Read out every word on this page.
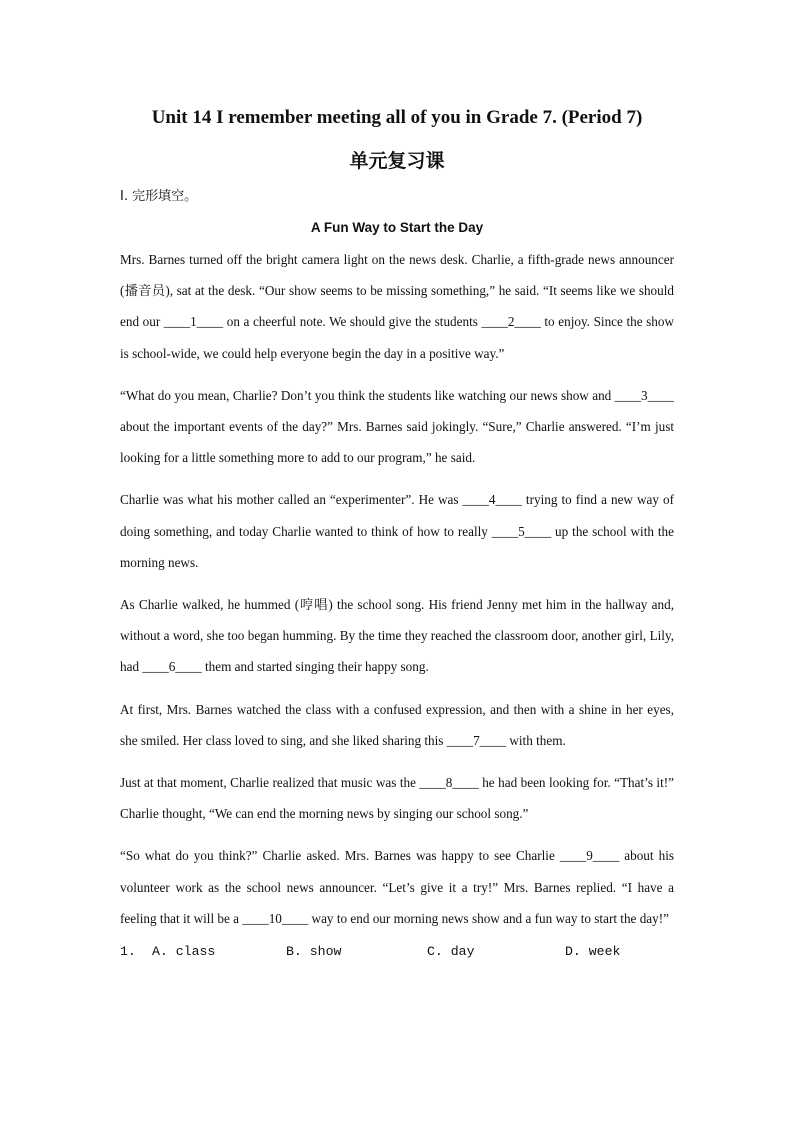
Unit 14 I remember meeting all of you in Grade 7. (Period 7)
单元复习课
Ⅰ. 完形填空。
A Fun Way to Start the Day

Mrs. Barnes turned off the bright camera light on the news desk. Charlie, a fifth-grade news announcer (播音员), sat at the desk. “Our show seems to be missing something,” he said. “It seems like we should end our ____1____ on a cheerful note. We should give the students ____2____ to enjoy. Since the show is school-wide, we could help everyone begin the day in a positive way.”

“What do you mean, Charlie? Don’t you think the students like watching our news show and ____3____ about the important events of the day?” Mrs. Barnes said jokingly. “Sure,” Charlie answered. “I’m just looking for a little something more to add to our program,” he said.

Charlie was what his mother called an “experimenter”. He was ____4____ trying to find a new way of doing something, and today Charlie wanted to think of how to really ____5____ up the school with the morning news.

As Charlie walked, he hummed (哼唱) the school song. His friend Jenny met him in the hallway and, without a word, she too began humming. By the time they reached the classroom door, another girl, Lily, had ____6____ them and started singing their happy song.

At first, Mrs. Barnes watched the class with a confused expression, and then with a shine in her eyes, she smiled. Her class loved to sing, and she liked sharing this ____7____ with them.

Just at that moment, Charlie realized that music was the ____8____ he had been looking for. “That’s it!” Charlie thought, “We can end the morning news by singing our school song.”

“So what do you think?” Charlie asked. Mrs. Barnes was happy to see Charlie ____9____ about his volunteer work as the school news announcer. “Let’s give it a try!” Mrs. Barnes replied. “I have a feeling that it will be a ____10____ way to end our morning news show and a fun way to start the day!”

1.	A. class	B. show	C. day	D. week
